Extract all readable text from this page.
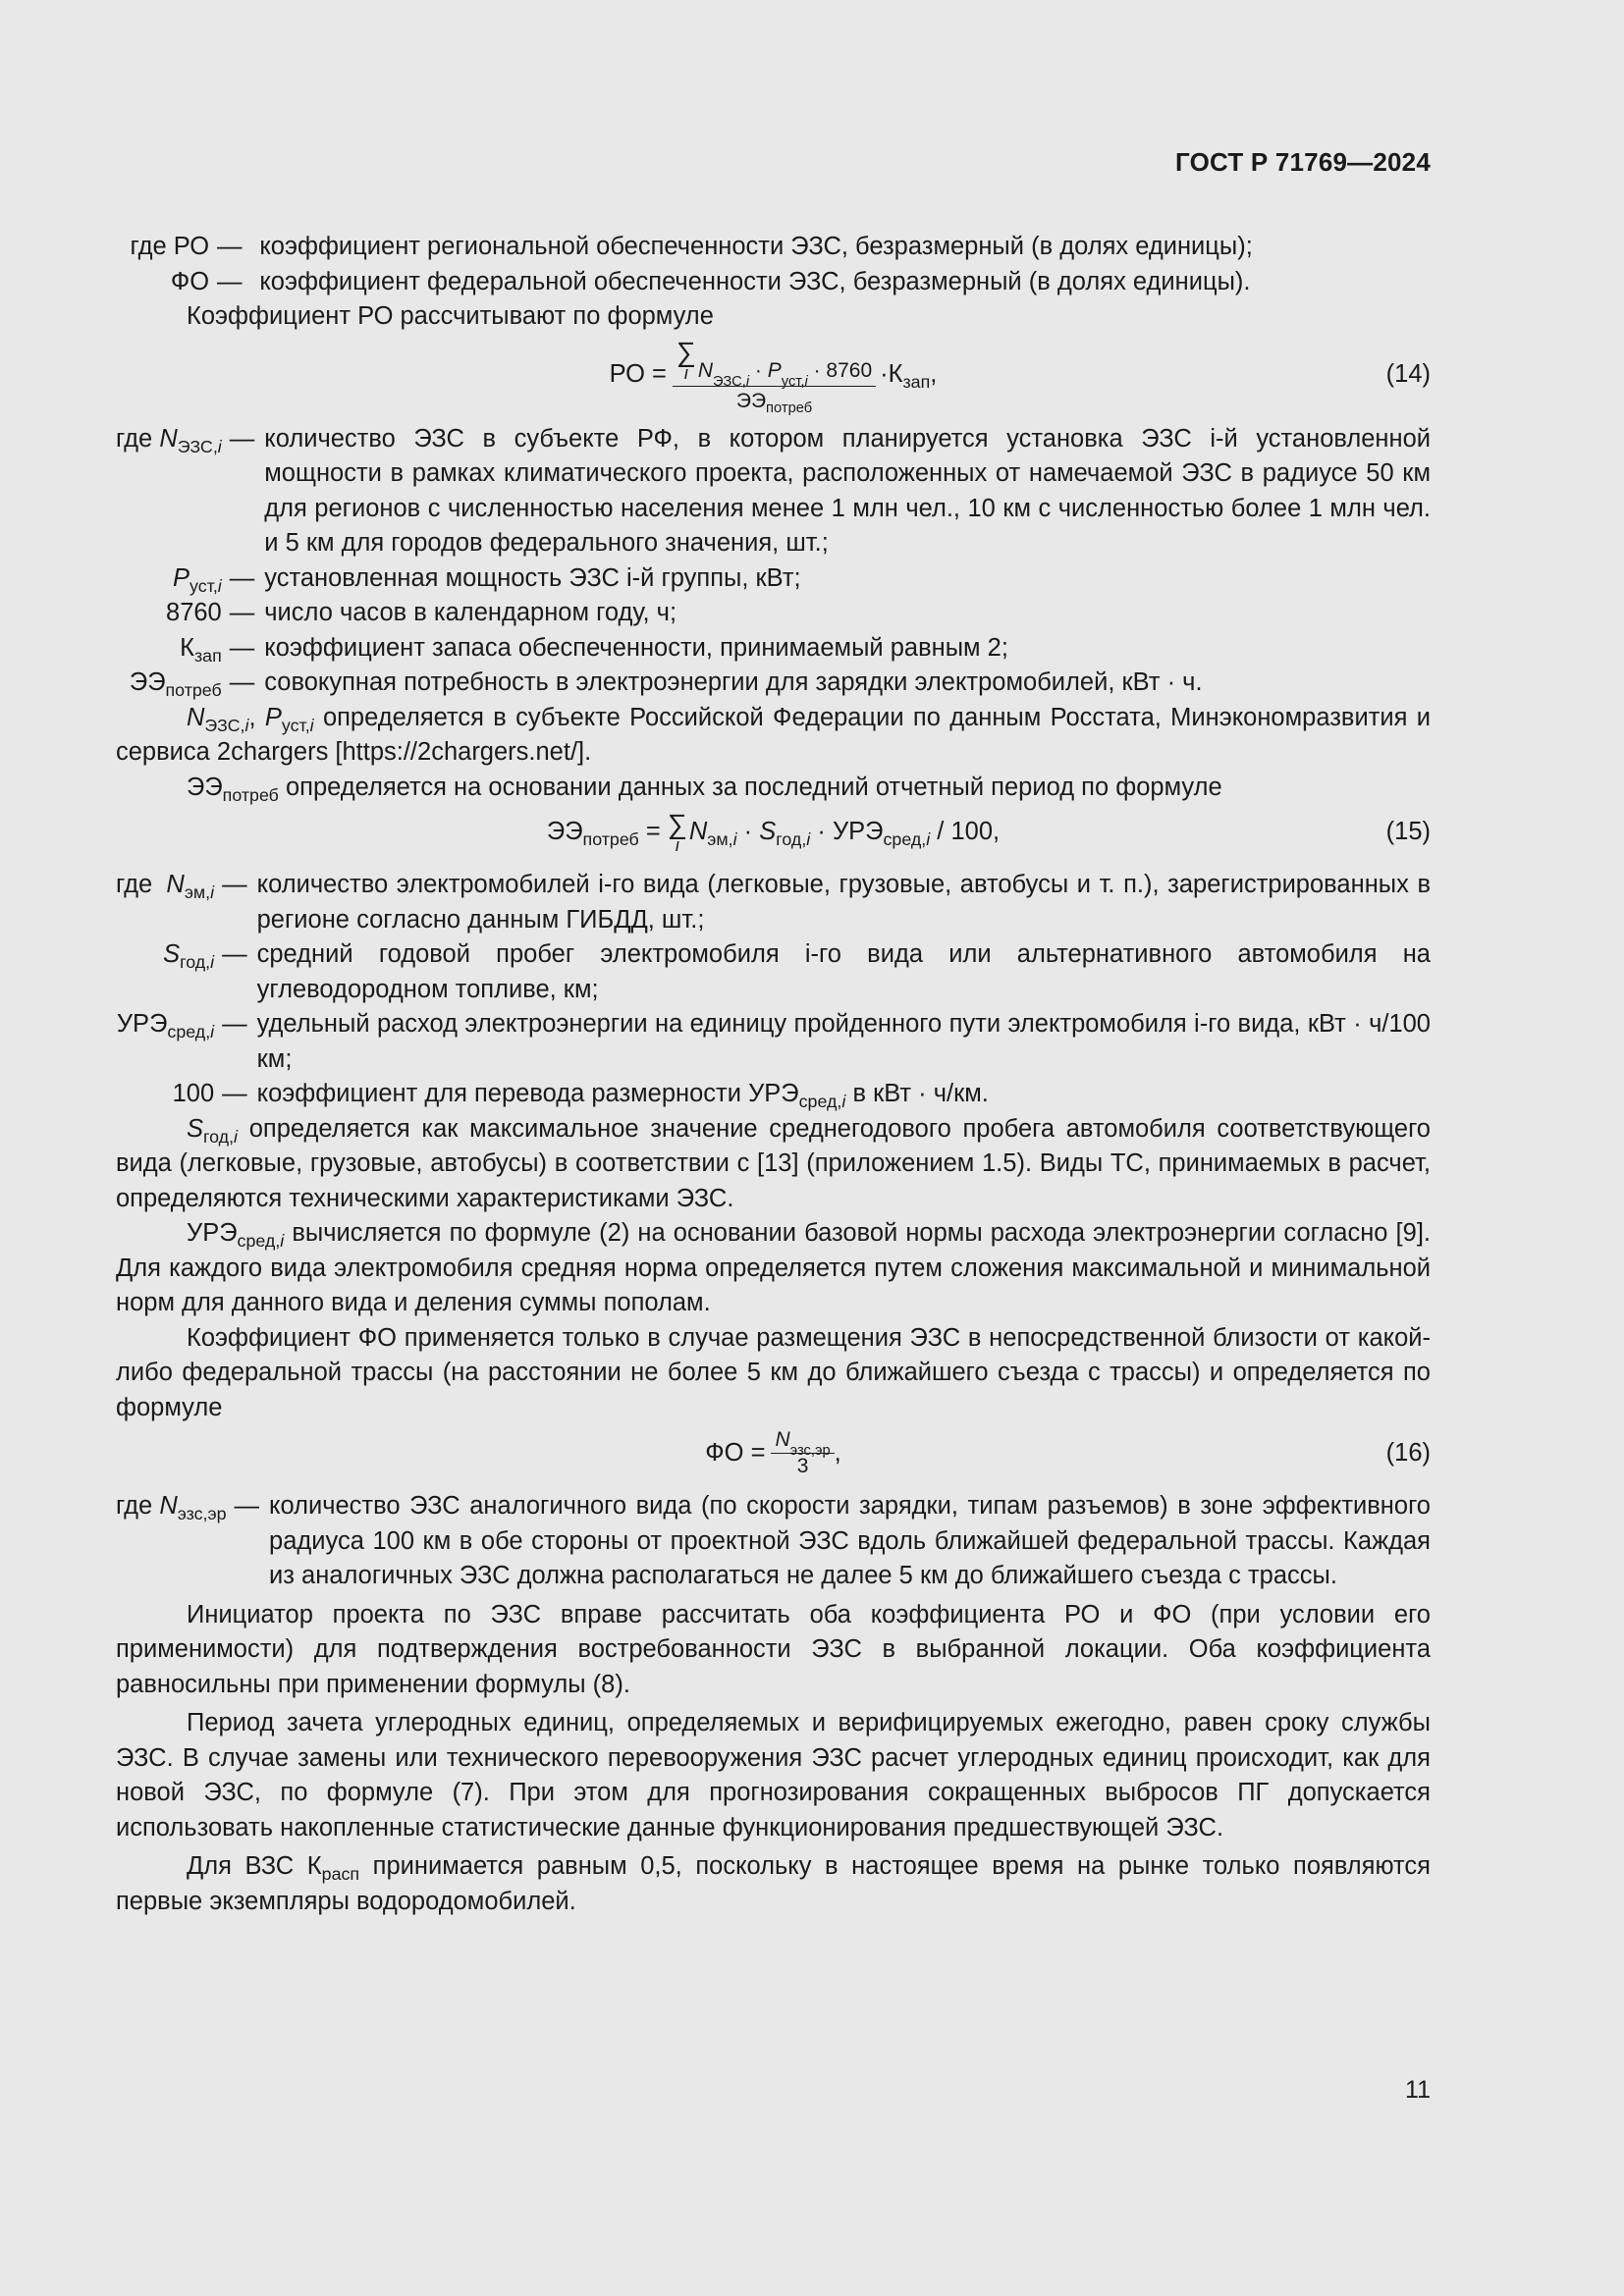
ГОСТ Р 71769—2024
где РО	—	коэффициент региональной обеспеченности ЭЗС, безразмерный (в долях единицы);
ФО	—	коэффициент федеральной обеспеченности ЭЗС, безразмерный (в долях единицы).

Коэффициент РО рассчитывают по формуле

РО = ∑
i N ЭЗС,i · P уст,i · 8760
$ЭЭ_{потреб} \cdot К_{зап}$,	(14)
где $N_{ЭЗС,i}$	—	количество ЭЗС в субъекте РФ, в котором планируется установка ЭЗС i-й установленной мощности в рамках климатического проекта, расположенных от намечаемой ЭЗС в радиусе 50 км для регионов с численностью населения менее 1 млн чел., 10 км с численностью более 1 млн чел. и 5 км для городов федерального значения, шт.;
$P_{уст,i}$	—	установленная мощность ЭЗС i-й группы, кВт;
8760	—	число часов в календарном году, ч;
$К_{зап}$	—	коэффициент запаса обеспеченности, принимаемый равным 2;
$ЭЭ_{потреб}$	—	совокупная потребность в электроэнергии для зарядки электромобилей, кВт · ч.

$N_{ЭЗС,i}$, $P_{уст,i}$ определяется в субъекте Российской Федерации по данным Росстата, Минэкономразвития и сервиса 2chargers [https://2chargers.net/].

$ЭЭ_{потреб}$ определяется на основании данных за последний отчетный период по формуле

$ЭЭ_{потреб}$ = ∑
i $N_{эм,i} \cdot S_{год,i} \cdot УРЭ_{сред,i} / 100$,	(15)
где $N_{эм,i}$	—	количество электромобилей i-го вида (легковые, грузовые, автобусы и т. п.), зарегистрированных в регионе согласно данным ГИБДД, шт.;
$S_{год,i}$	—	средний годовой пробег электромобиля i-го вида или альтернативного автомобиля на углеводородном топливе, км;
$УРЭ_{сред,i}$	—	удельный расход электроэнергии на единицу пройденного пути электромобиля i-го вида, кВт · ч/100 км;
100	—	коэффициент для перевода размерности $УРЭ_{сред,i}$ в кВт · ч/км.

$S_{год,i}$ определяется как максимальное значение среднегодового пробега автомобиля соответствующего вида (легковые, грузовые, автобусы) в соответствии с [13] (приложением 1.5). Виды ТС, принимаемых в расчет, определяются техническими характеристиками ЭЗС.

$УРЭ_{сред,i}$ вычисляется по формуле (2) на основании базовой нормы расхода электроэнергии согласно [9]. Для каждого вида электромобиля средняя норма определяется путем сложения максимальной и минимальной норм для данного вида и деления суммы пополам.

Коэффициент ФО применяется только в случае размещения ЭЗС в непосредственной близости от какой-либо федеральной трассы (на расстоянии не более 5 км до ближайшего съезда с трассы) и определяется по формуле

ФО = $\frac{\text{N эзс,эр}}{3}$ ,	(16)
где $N_{эзс,эр}$	—	количество ЭЗС аналогичного вида (по скорости зарядки, типам разъемов) в зоне эффективного радиуса 100 км в обе стороны от проектной ЭЗС вдоль ближайшей федеральной трассы. Каждая из аналогичных ЭЗС должна располагаться не далее 5 км до ближайшего съезда с трассы.

Инициатор проекта по ЭЗС вправе рассчитать оба коэффициента РО и ФО (при условии его применимости) для подтверждения востребованности ЭЗС в выбранной локации. Оба коэффициента равносильны при применении формулы (8).

Период зачета углеродных единиц, определяемых и верифицируемых ежегодно, равен сроку службы ЭЗС. В случае замены или технического перевооружения ЭЗС расчет углеродных единиц происходит, как для новой ЭЗС, по формуле (7). При этом для прогнозирования сокращенных выбросов ПГ допускается использовать накопленные статистические данные функционирования предшествующей ЭЗС.

Для ВЗС $К_{расп}$ принимается равным 0,5, поскольку в настоящее время на рынке только появляются первые экземпляры водородомобилей.

11
